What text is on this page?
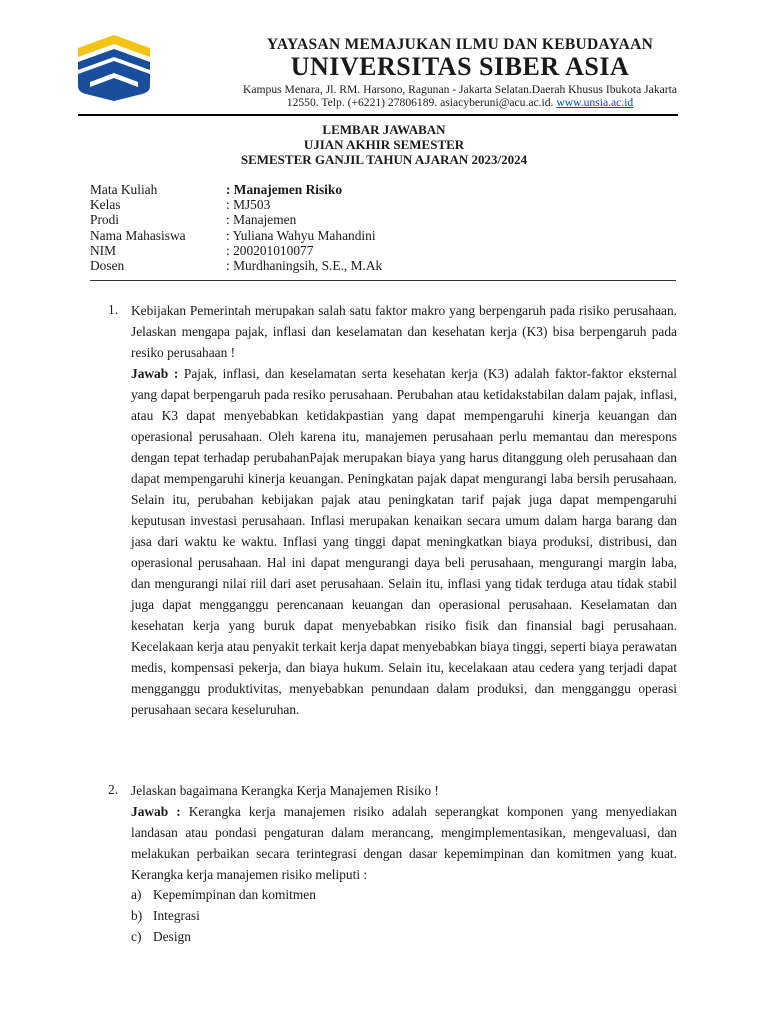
YAYASAN MEMAJUKAN ILMU DAN KEBUDAYAAN
UNIVERSITAS SIBER ASIA
Kampus Menara, Jl. RM. Harsono, Ragunan - Jakarta Selatan.Daerah Khusus Ibukota Jakarta
12550. Telp. (+6221) 27806189. asiacyberuni@acu.ac.id. www.unsia.ac.id
LEMBAR JAWABAN
UJIAN AKHIR SEMESTER
SEMESTER GANJIL TAHUN AJARAN 2023/2024
Mata Kuliah	: Manajemen Risiko
Kelas	: MJ503
Prodi	: Manajemen
Nama Mahasiswa	: Yuliana Wahyu Mahandini
NIM	: 200201010077
Dosen	: Murdhaningsih, S.E., M.Ak
1. Kebijakan Pemerintah merupakan salah satu faktor makro yang berpengaruh pada risiko perusahaan. Jelaskan mengapa pajak, inflasi dan keselamatan dan kesehatan kerja (K3) bisa berpengaruh pada resiko perusahaan !

Jawab : Pajak, inflasi, dan keselamatan serta kesehatan kerja (K3) adalah faktor-faktor eksternal yang dapat berpengaruh pada resiko perusahaan. Perubahan atau ketidakstabilan dalam pajak, inflasi, atau K3 dapat menyebabkan ketidakpastian yang dapat mempengaruhi kinerja keuangan dan operasional perusahaan. Oleh karena itu, manajemen perusahaan perlu memantau dan merespons dengan tepat terhadap perubahanPajak merupakan biaya yang harus ditanggung oleh perusahaan dan dapat mempengaruhi kinerja keuangan. Peningkatan pajak dapat mengurangi laba bersih perusahaan. Selain itu, perubahan kebijakan pajak atau peningkatan tarif pajak juga dapat mempengaruhi keputusan investasi perusahaan. Inflasi merupakan kenaikan secara umum dalam harga barang dan jasa dari waktu ke waktu. Inflasi yang tinggi dapat meningkatkan biaya produksi, distribusi, dan operasional perusahaan. Hal ini dapat mengurangi daya beli perusahaan, mengurangi margin laba, dan mengurangi nilai riil dari aset perusahaan. Selain itu, inflasi yang tidak terduga atau tidak stabil juga dapat mengganggu perencanaan keuangan dan operasional perusahaan. Keselamatan dan kesehatan kerja yang buruk dapat menyebabkan risiko fisik dan finansial bagi perusahaan. Kecelakaan kerja atau penyakit terkait kerja dapat menyebabkan biaya tinggi, seperti biaya perawatan medis, kompensasi pekerja, dan biaya hukum. Selain itu, kecelakaan atau cedera yang terjadi dapat mengganggu produktivitas, menyebabkan penundaan dalam produksi, dan mengganggu operasi perusahaan secara keseluruhan.

2. Jelaskan bagaimana Kerangka Kerja Manajemen Risiko !

Jawab : Kerangka kerja manajemen risiko adalah seperangkat komponen yang menyediakan landasan atau pondasi pengaturan dalam merancang, mengimplementasikan, mengevaluasi, dan melakukan perbaikan secara terintegrasi dengan dasar kepemimpinan dan komitmen yang kuat. Kerangka kerja manajemen risiko meliputi :

a) Kepemimpinan dan komitmen
b) Integrasi
c) Design
